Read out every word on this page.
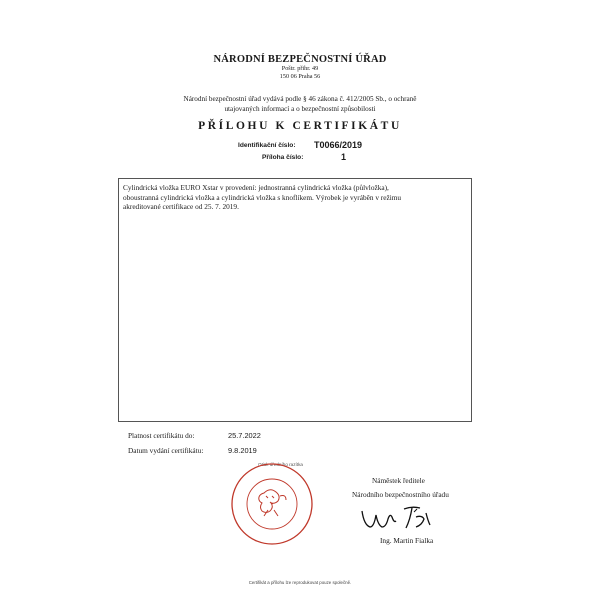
NÁRODNÍ BEZPEČNOSTNÍ ÚŘAD
Poštr. přihr. 49
150 06 Praha 56
Národní bezpečnostní úřad vydává podle § 46 zákona č. 412/2005 Sb., o ochraně
utajovaných informací a o bezpečnostní způsobilosti
PŘÍLOHU K CERTIFIKÁTU
Identifikační číslo: T0066/2019
Příloha číslo:	1
Cylindrická vložka EURO Xstar v provedení: jednostranná cylindrická vložka (půlvložka),
oboustranná cylindrická vložka a cylindrická vložka s knoflíkem. Výrobek je vyráběn v režimu
akreditované certifikace od 25. 7. 2019.
Platnost certifikátu do:	25.7.2022
Datum vydání certifikátu:	9.8.2019
Otisk úředního razítka
Náměstek ředitele
Národního bezpečnostního úřadu
Ing. Martin Fialka
Certifikát a přílohu lze reprodukovat pouze společně.
